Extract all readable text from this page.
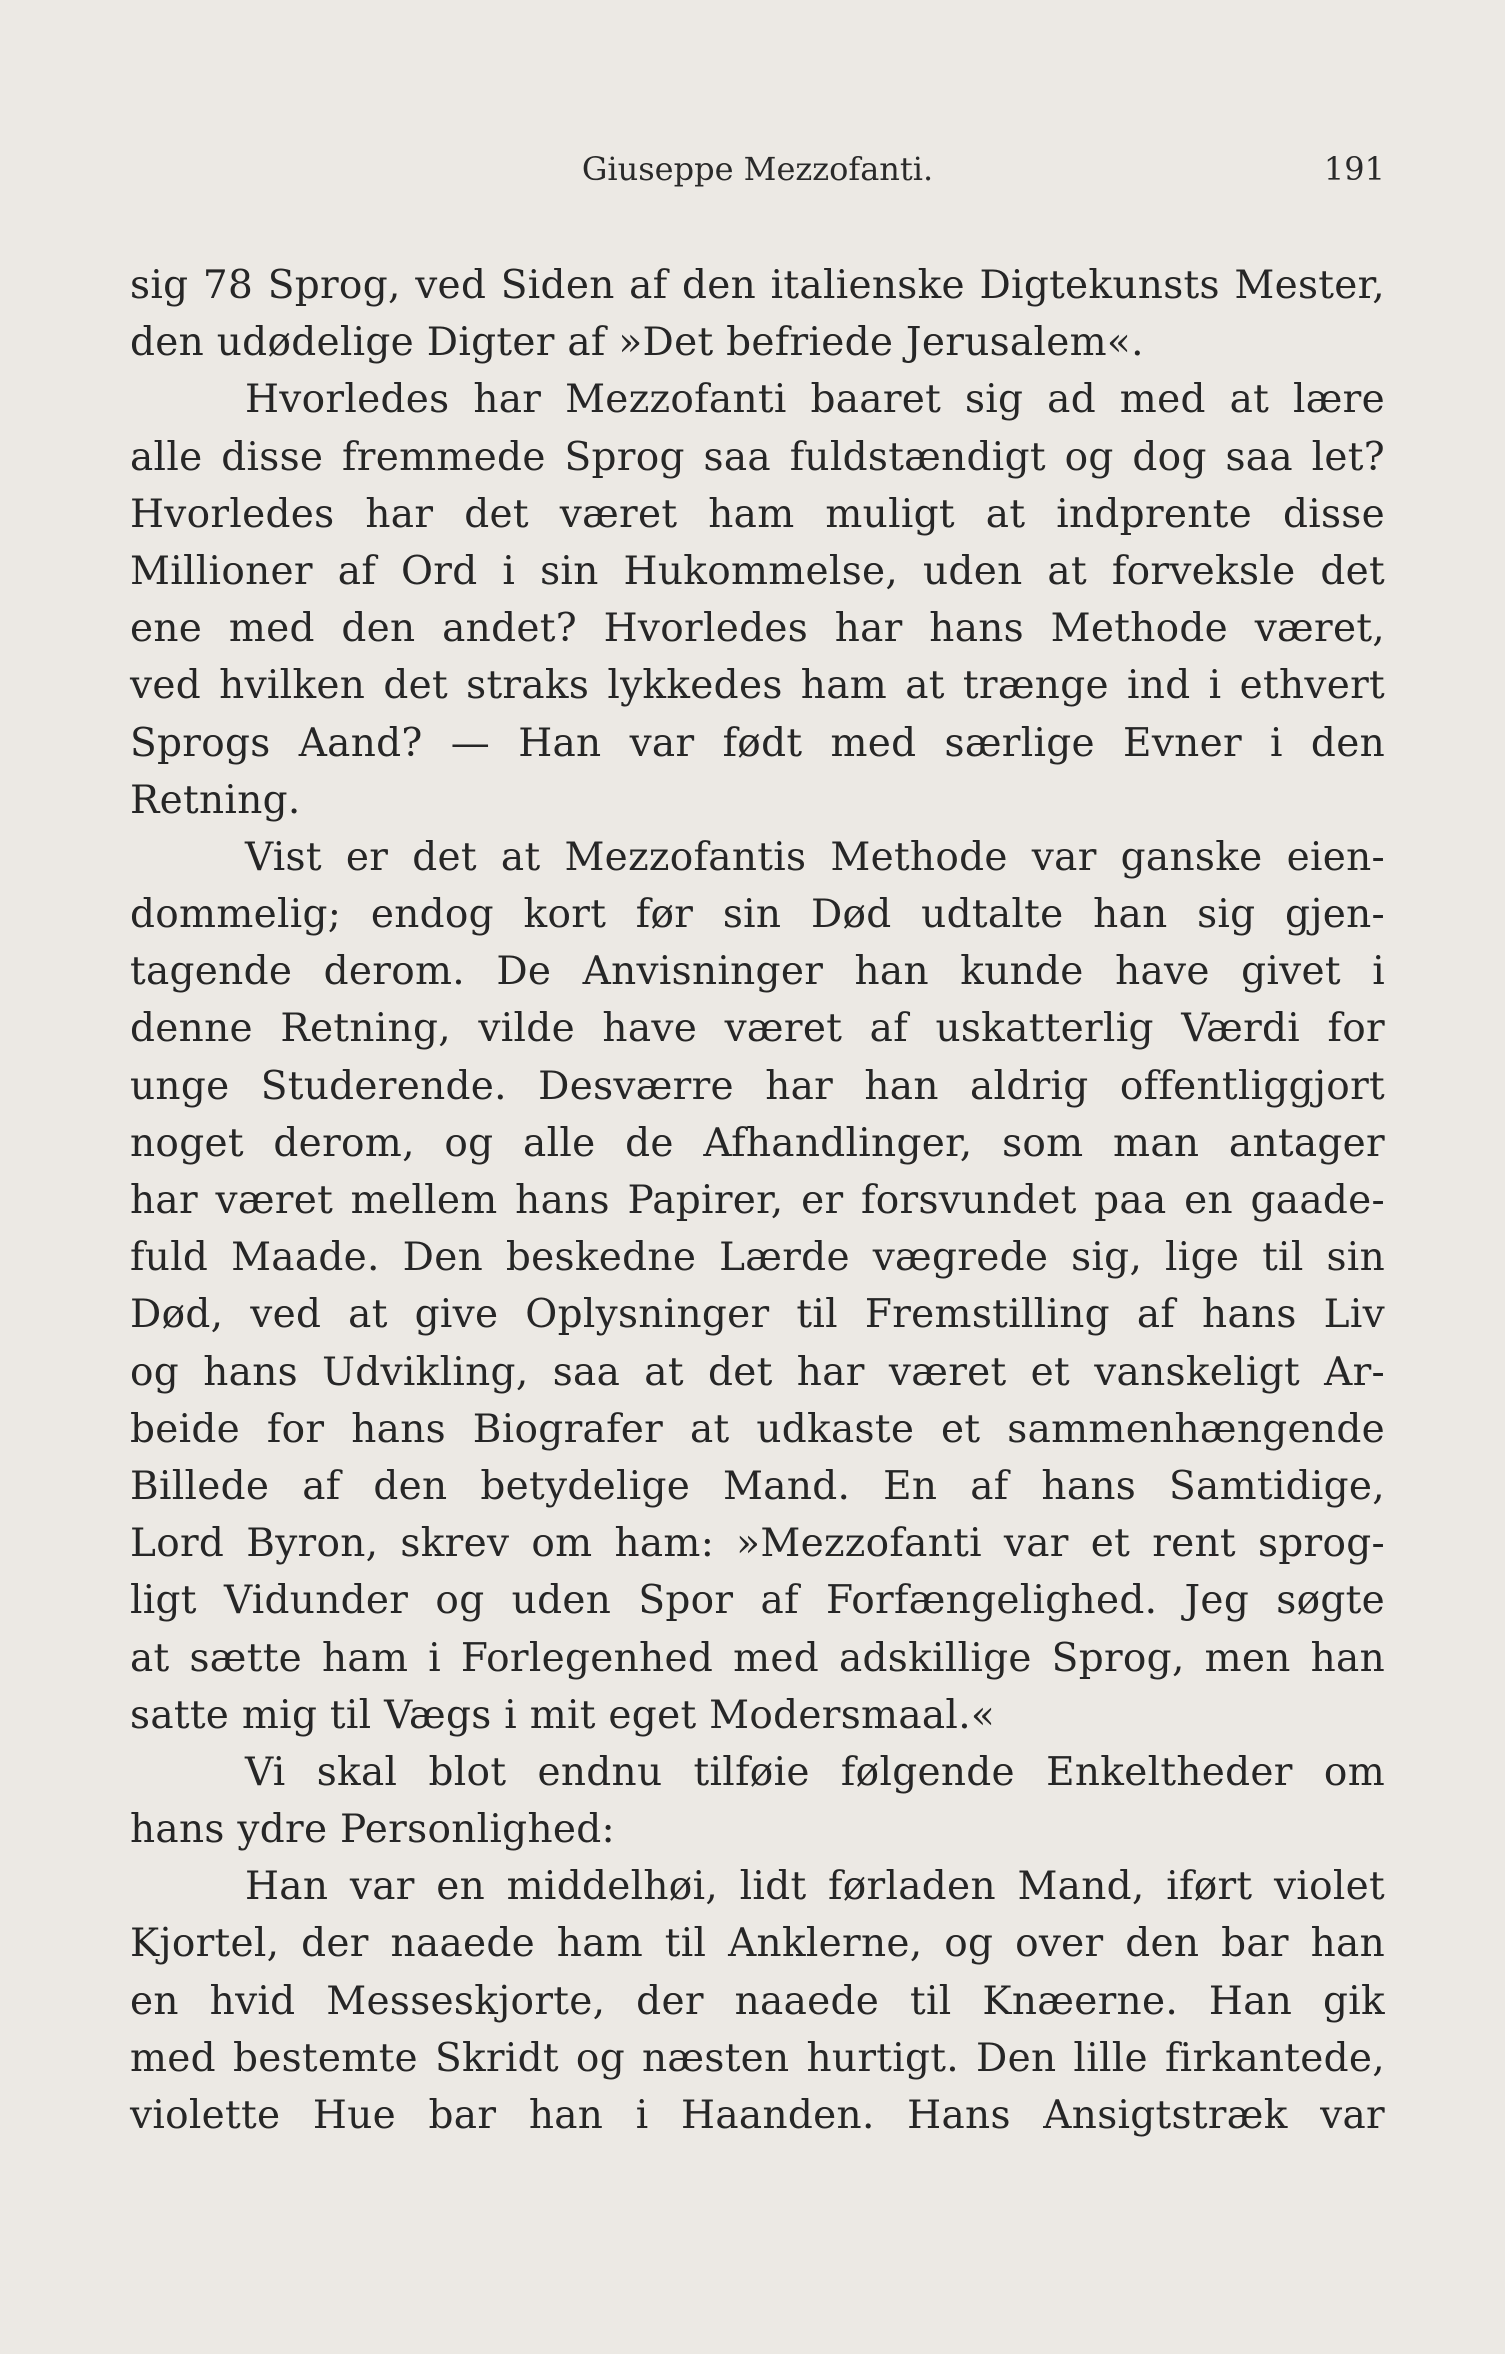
Giuseppe Mezzofanti.	191
sig 78 Sprog, ved Siden af den italienske Digtekunsts Mester,
den udødelige Digter af »Det befriede Jerusalem«.
Hvorledes har Mezzofanti baaret sig ad med at lære
alle disse fremmede Sprog saa fuldstændigt og dog saa let?
Hvorledes har det været ham muligt at indprente disse
Millioner af Ord i sin Hukommelse, uden at forveksle det
ene med den andet? Hvorledes har hans Methode været,
ved hvilken det straks lykkedes ham at trænge ind i ethvert
Sprogs Aand? — Han var født med særlige Evner i den
Retning.
Vist er det at Mezzofantis Methode var ganske eien-
dommelig; endog kort før sin Død udtalte han sig gjen-
tagende derom. De Anvisninger han kunde have givet i
denne Retning, vilde have været af uskatterlig Værdi for
unge Studerende. Desværre har han aldrig offentliggjort
noget derom, og alle de Afhandlinger, som man antager
har været mellem hans Papirer, er forsvundet paa en gaade-
fuld Maade. Den beskedne Lærde vægrede sig, lige til sin
Død, ved at give Oplysninger til Fremstilling af hans Liv
og hans Udvikling, saa at det har været et vanskeligt Ar-
beide for hans Biografer at udkaste et sammenhængende
Billede af den betydelige Mand. En af hans Samtidige,
Lord Byron, skrev om ham: »Mezzofanti var et rent sprog-
ligt Vidunder og uden Spor af Forfængelighed. Jeg søgte
at sætte ham i Forlegenhed med adskillige Sprog, men han
satte mig til Vægs i mit eget Modersmaal.«
Vi skal blot endnu tilføie følgende Enkeltheder om
hans ydre Personlighed:
Han var en middelhøi, lidt førladen Mand, iført violet
Kjortel, der naaede ham til Anklerne, og over den bar han
en hvid Messeskjorte, der naaede til Knæerne. Han gik
med bestemte Skridt og næsten hurtigt. Den lille firkantede,
violette Hue bar han i Haanden. Hans Ansigtstræk var
